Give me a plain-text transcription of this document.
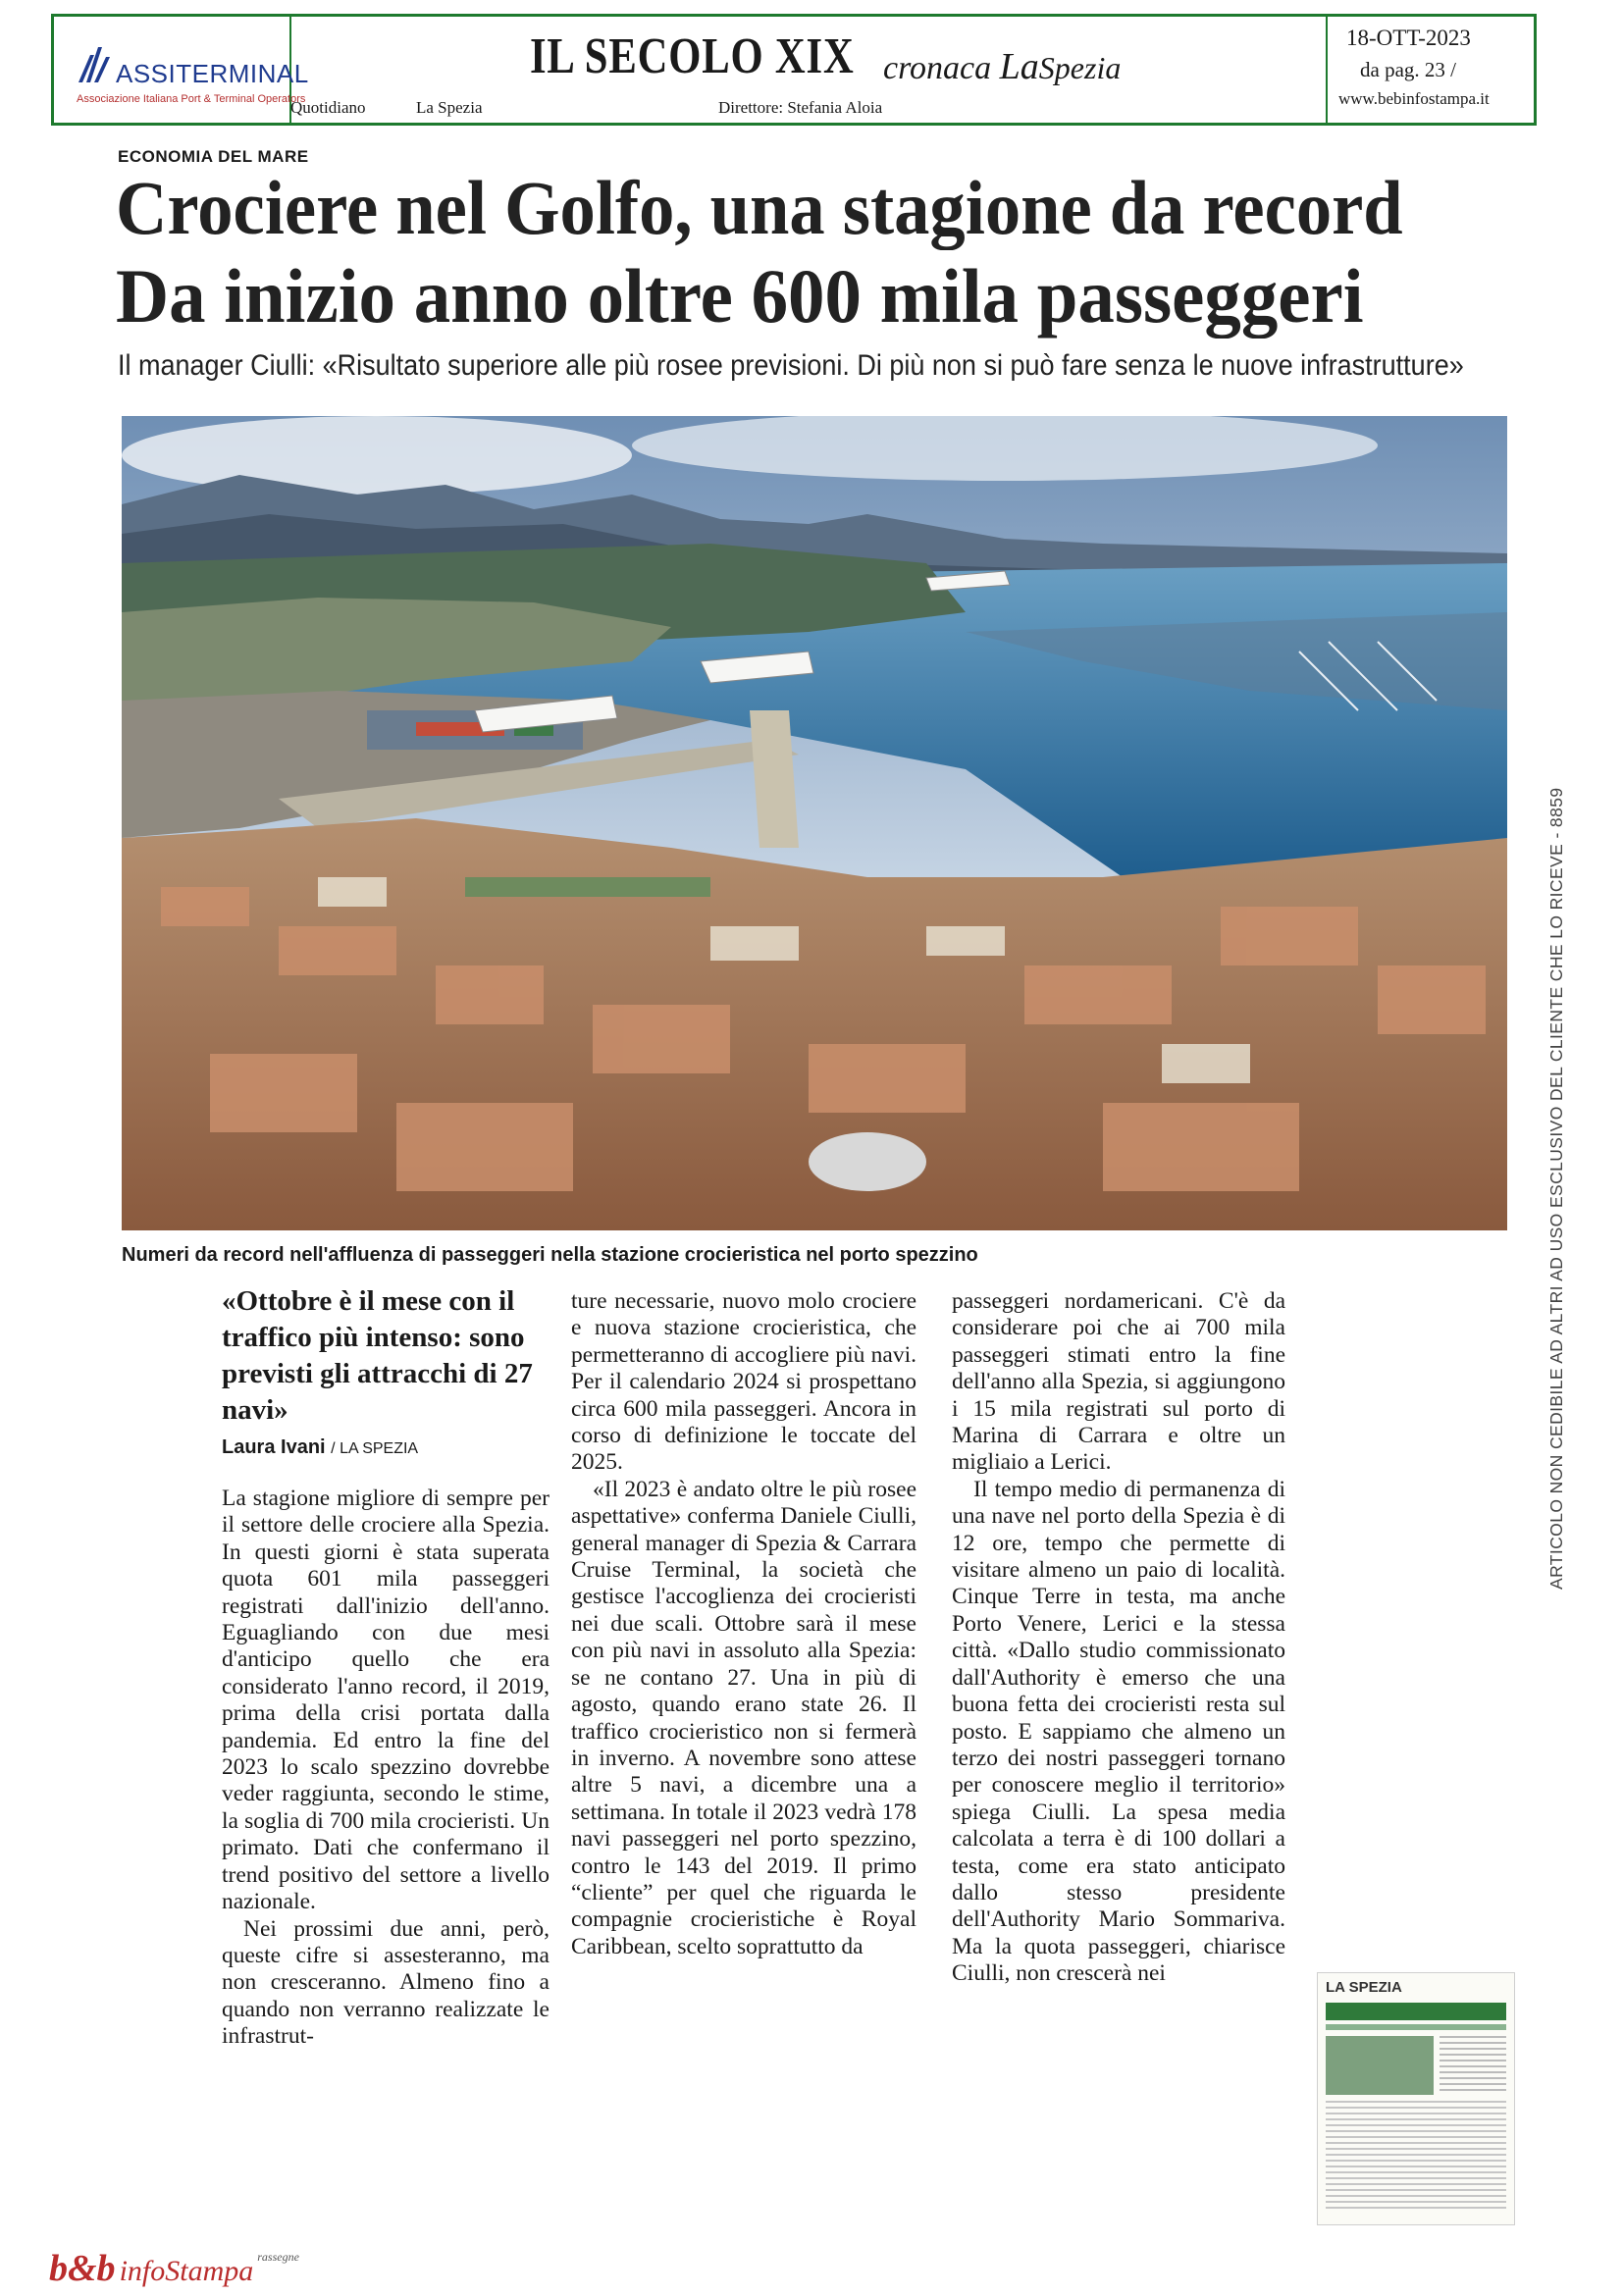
ASSITERMINAL
Associazione Italiana Port & Terminal Operators
IL SECOLO XIX cronaca LaSpezia
Quotidiano	La Spezia	Direttore: Stefania Aloia
18-OTT-2023
da pag. 23 /
www.bebinfostampa.it
ECONOMIA DEL MARE
Crociere nel Golfo, una stagione da record
Da inizio anno oltre 600 mila passeggeri
Il manager Ciulli: «Risultato superiore alle più rosee previsioni. Di più non si può fare senza le nuove infrastrutture»
Numeri da record nell'affluenza di passeggeri nella stazione crocieristica nel porto spezzino
«Ottobre è il mese con il traffico più intenso: sono previsti gli attracchi di 27 navi»
Laura Ivani / LA SPEZIA

La stagione migliore di sempre per il settore delle crociere alla Spezia. In questi giorni è stata superata quota 601 mila passeggeri registrati dall'inizio dell'anno. Eguagliando con due mesi d'anticipo quello che era considerato l'anno record, il 2019, prima della crisi portata dalla pandemia. Ed entro la fine del 2023 lo scalo spezzino dovrebbe veder raggiunta, secondo le stime, la soglia di 700 mila crocieristi. Un primato. Dati che confermano il trend positivo del settore a livello nazionale.

Nei prossimi due anni, però, queste cifre si assesteranno, ma non cresceranno. Almeno fino a quando non verranno realizzate le infrastrut-

ture necessarie, nuovo molo crociere e nuova stazione crocieristica, che permetteranno di accogliere più navi. Per il calendario 2024 si prospettano circa 600 mila passeggeri. Ancora in corso di definizione le toccate del 2025.

«Il 2023 è andato oltre le più rosee aspettative» conferma Daniele Ciulli, general manager di Spezia & Carrara Cruise Terminal, la società che gestisce l'accoglienza dei crocieristi nei due scali. Ottobre sarà il mese con più navi in assoluto alla Spezia: se ne contano 27. Una in più di agosto, quando erano state 26. Il traffico crocieristico non si fermerà in inverno. A novembre sono attese altre 5 navi, a dicembre una a settimana. In totale il 2023 vedrà 178 navi passeggeri nel porto spezzino, contro le 143 del 2019. Il primo “cliente” per quel che riguarda le compagnie crocieristiche è Royal Caribbean, scelto soprattutto da

passeggeri nordamericani. C'è da considerare poi che ai 700 mila passeggeri stimati entro la fine dell'anno alla Spezia, si aggiungono i 15 mila registrati sul porto di Marina di Carrara e oltre un migliaio a Lerici.

Il tempo medio di permanenza di una nave nel porto della Spezia è di 12 ore, tempo che permette di visitare almeno un paio di località. Cinque Terre in testa, ma anche Porto Venere, Lerici e la stessa città. «Dallo studio commissionato dall'Authority è emerso che una buona fetta dei crocieristi resta sul posto. E sappiamo che almeno un terzo dei nostri passeggeri tornano per conoscere meglio il territorio» spiega Ciulli. La spesa media calcolata a terra è di 100 dollari a testa, come era stato anticipato dallo stesso presidente dell'Authority Mario Sommariva. Ma la quota passeggeri, chiarisce Ciulli, non crescerà nei

ARTICOLO NON CEDIBILE AD ALTRI AD USO ESCLUSIVO DEL CLIENTE CHE LO RICEVE - 8859
LA SPEZIA
b&b infoStampa $^{rassegne}$
